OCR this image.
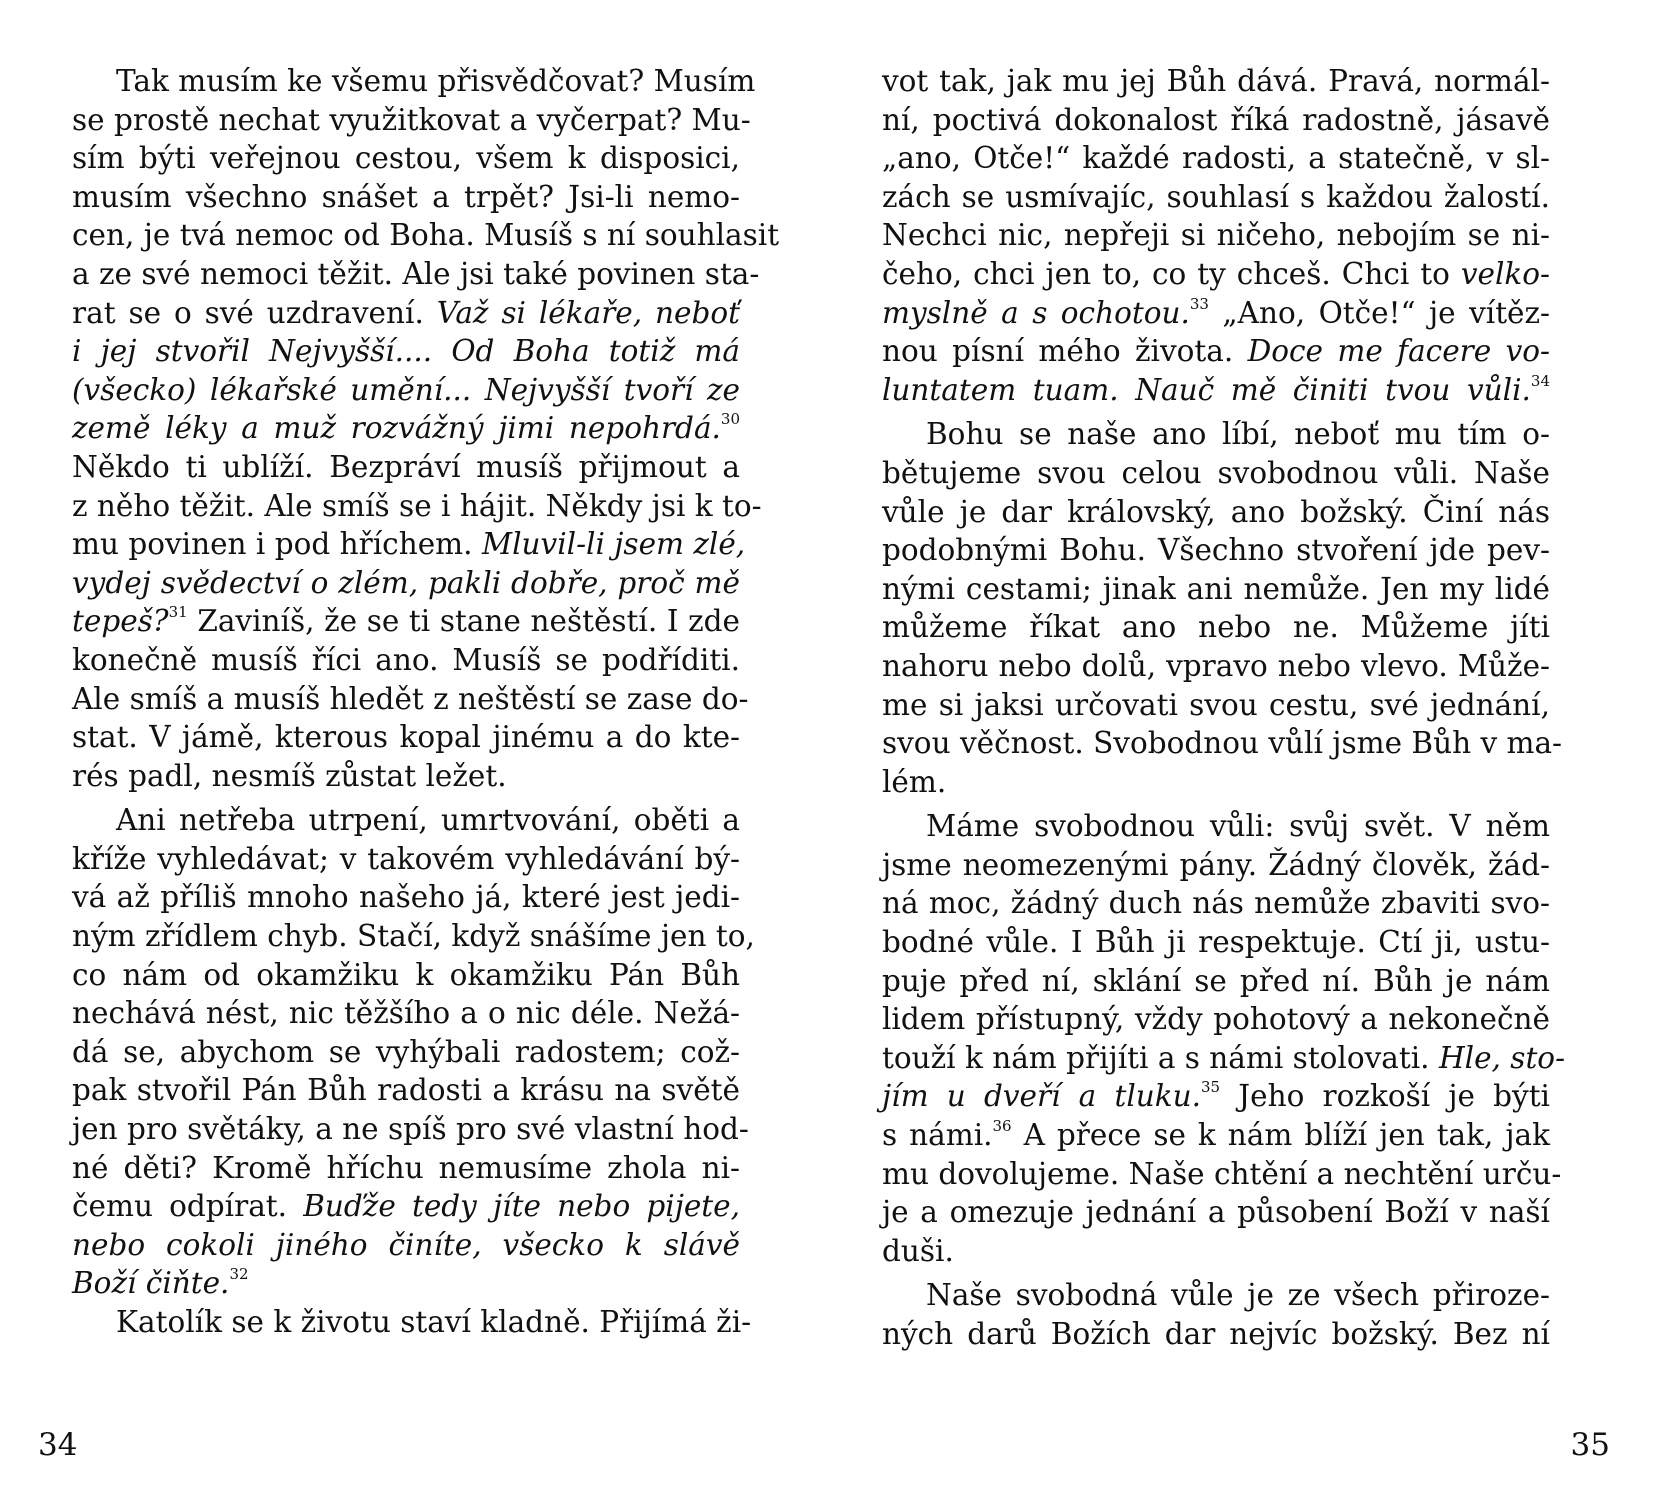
Tak musím ke všemu přisvědčovat? Musím
se prostě nechat využitkovat a vyčerpat? Mu-
sím býti veřejnou cestou, všem k disposici,
musím všechno snášet a trpět? Jsi-li nemo-
cen, je tvá nemoc od Boha. Musíš s ní souhlasit
a ze své nemoci těžit. Ale jsi také povinen sta-
rat se o své uzdravení. Važ si lékaře, neboť
i jej stvořil Nejvyšší.... Od Boha totiž má
(všecko) lékařské umění... Nejvyšší tvoří ze
země léky a muž rozvážný jimi nepohrdá.$^{30}$
Někdo ti ublíží. Bezpráví musíš přijmout a
z něho těžit. Ale smíš se i hájit. Někdy jsi k to-
mu povinen i pod hříchem. Mluvil-li jsem zlé,
vydej svědectví o zlém, pakli dobře, proč mě
tepeš?$^{31}$ Zaviníš, že se ti stane neštěstí. I zde
konečně musíš říci ano. Musíš se podříditi.
Ale smíš a musíš hledět z neštěstí se zase do-
stat. V jámě, kterous kopal jinému a do kte-
rés padl, nesmíš zůstat ležet.
Ani netřeba utrpení, umrtvování, oběti a
kříže vyhledávat; v takovém vyhledávání bý-
vá až příliš mnoho našeho já, které jest jedi-
ným zřídlem chyb. Stačí, když snášíme jen to,
co nám od okamžiku k okamžiku Pán Bůh
nechává nést, nic těžšího a o nic déle. Nežá-
dá se, abychom se vyhýbali radostem; což-
pak stvořil Pán Bůh radosti a krásu na světě
jen pro světáky, a ne spíš pro své vlastní hod-
né děti? Kromě hříchu nemusíme zhola ni-
čemu odpírat. Buďže tedy jíte nebo pijete,
nebo cokoli jiného činíte, všecko k slávě
Boží čiňte.$^{32}$
Katolík se k životu staví kladně. Přijímá ži-
34
vot tak, jak mu jej Bůh dává. Pravá, normál-
ní, poctivá dokonalost říká radostně, jásavě
„ano, Otče!“ každé radosti, a statečně, v sl-
zách se usmívajíc, souhlasí s každou žalostí.
Nechci nic, nepřeji si ničeho, nebojím se ni-
čeho, chci jen to, co ty chceš. Chci to velko-
myslně a s ochotou.$^{33}$ „Ano, Otče!“ je vítěz-
nou písní mého života. Doce me facere vo-
luntatem tuam. Nauč mě činiti tvou vůli.$^{34}$
Bohu se naše ano líbí, neboť mu tím o-
bětujeme svou celou svobodnou vůli. Naše
vůle je dar královský, ano božský. Činí nás
podobnými Bohu. Všechno stvoření jde pev-
nými cestami; jinak ani nemůže. Jen my lidé
můžeme říkat ano nebo ne. Můžeme jíti
nahoru nebo dolů, vpravo nebo vlevo. Může-
me si jaksi určovati svou cestu, své jednání,
svou věčnost. Svobodnou vůlí jsme Bůh v ma-
lém.
Máme svobodnou vůli: svůj svět. V něm
jsme neomezenými pány. Žádný člověk, žád-
ná moc, žádný duch nás nemůže zbaviti svo-
bodné vůle. I Bůh ji respektuje. Ctí ji, ustu-
puje před ní, sklání se před ní. Bůh je nám
lidem přístupný, vždy pohotový a nekonečně
touží k nám přijíti a s námi stolovati. Hle, sto-
jím u dveří a tluku.$^{35}$ Jeho rozkoší je býti
s námi.$^{36}$ A přece se k nám blíží jen tak, jak
mu dovolujeme. Naše chtění a nechtění urču-
je a omezuje jednání a působení Boží v naší
duši.
Naše svobodná vůle je ze všech přiroze-
ných darů Božích dar nejvíc božský. Bez ní
35
